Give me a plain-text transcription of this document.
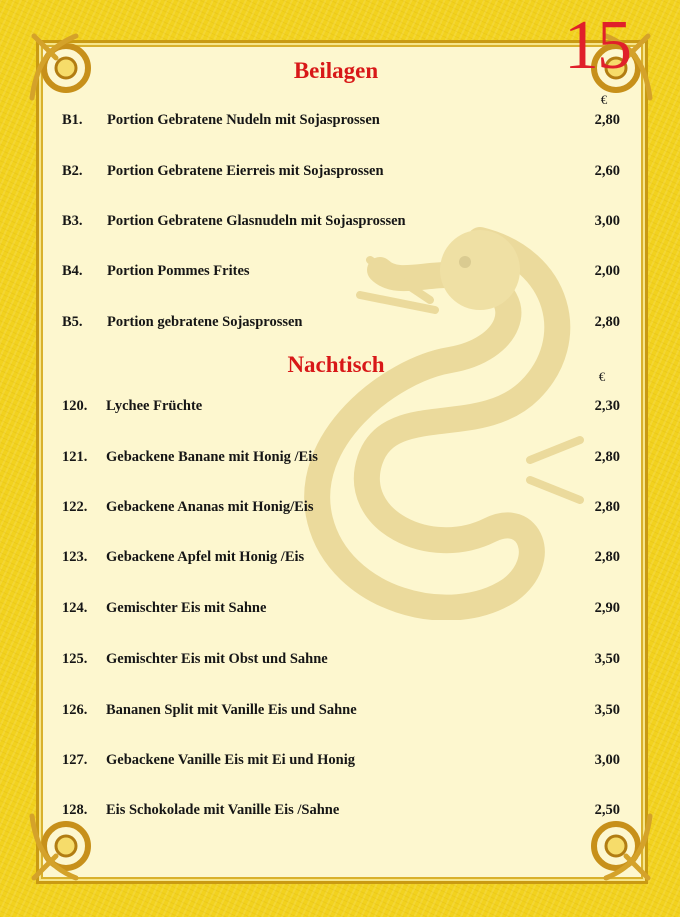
15
Beilagen
€
B1. Portion Gebratene Nudeln mit Sojasprossen	2,80
B2. Portion Gebratene Eierreis mit Sojasprossen	2,60
B3. Portion Gebratene Glasnudeln mit Sojasprossen	3,00
B4. Portion Pommes Frites	2,00
B5. Portion gebratene Sojasprossen	2,80
Nachtisch	€
120. Lychee Früchte	2,30
121. Gebackene Banane mit Honig /Eis	2,80
122. Gebackene Ananas mit Honig/Eis	2,80
123. Gebackene Apfel mit Honig /Eis	2,80
124. Gemischter Eis mit Sahne	2,90
125. Gemischter Eis mit Obst und Sahne	3,50
126. Bananen Split mit Vanille Eis und Sahne	3,50
127. Gebackene Vanille Eis mit Ei und Honig	3,00
128. Eis Schokolade mit Vanille Eis /Sahne	2,50
